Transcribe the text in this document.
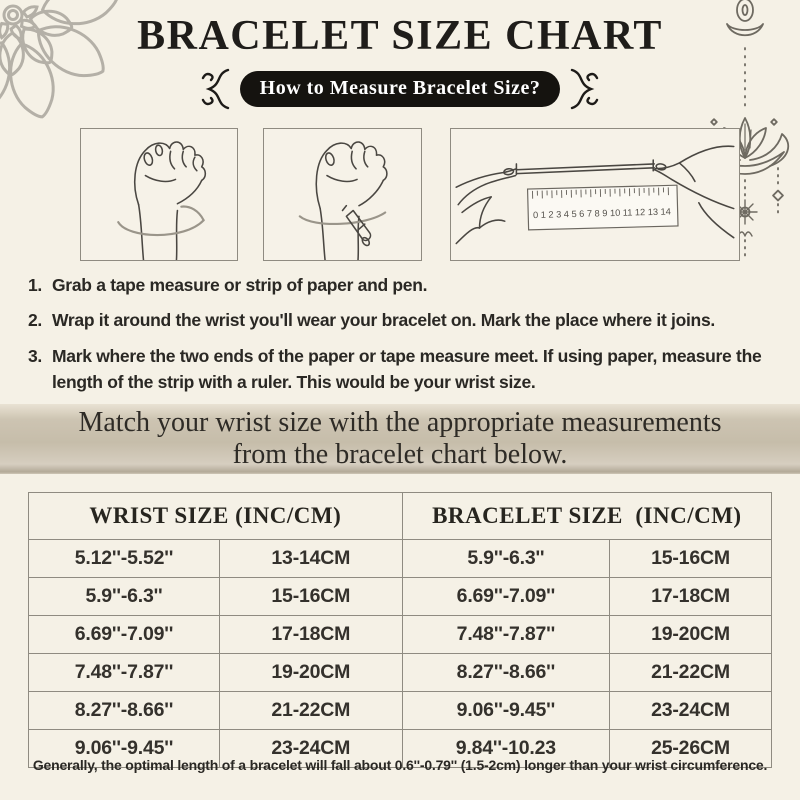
BRACELET SIZE CHART
How to Measure Bracelet Size?
0 1 2 3 4 5 6 7 8 9 10 11 12 13 14
1. Grab a tape measure or strip of paper and pen.
2. Wrap it around the wrist you'll wear your bracelet on. Mark the place where it joins.
3. Mark where the two ends of the paper or tape measure meet. If using paper, measure the length of the strip with a ruler. This would be your wrist size.
Match your wrist size with the appropriate measurements
from the bracelet chart below.
WRIST SIZE (INC/CM)		BRACELET SIZE  (INC/CM)	
5.12''-5.52''	13-14CM	5.9''-6.3''	15-16CM
5.9''-6.3''	15-16CM	6.69''-7.09''	17-18CM
6.69''-7.09''	17-18CM	7.48''-7.87''	19-20CM
7.48''-7.87''	19-20CM	8.27''-8.66''	21-22CM
8.27''-8.66''	21-22CM	9.06''-9.45''	23-24CM
9.06''-9.45''	23-24CM	9.84''-10.23	25-26CM
Generally, the optimal length of a bracelet will fall about 0.6''-0.79'' (1.5-2cm) longer than your wrist circumference.
